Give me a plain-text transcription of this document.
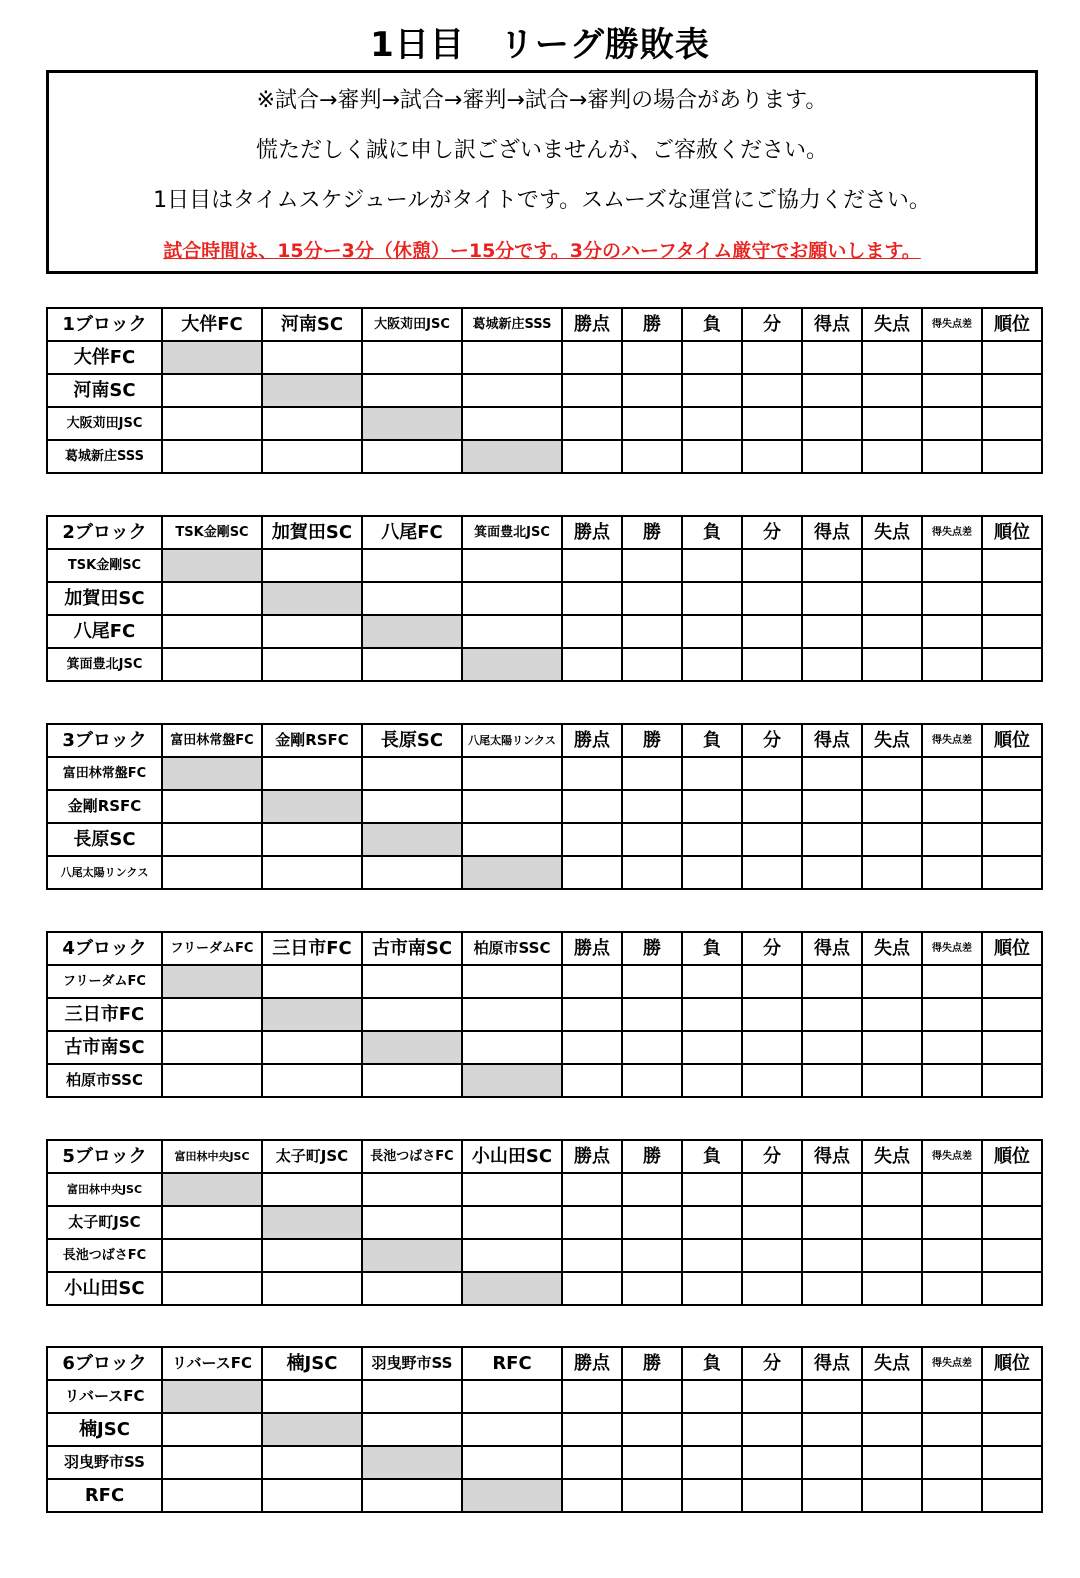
1日目　リーグ勝敗表
※試合→審判→試合→審判→試合→審判の場合があります。
慌ただしく誠に申し訳ございませんが、ご容赦ください。
1日目はタイムスケジュールがタイトです。スムーズな運営にご協力ください。
試合時間は、15分ー3分（休憩）ー15分です。3分のハーフタイム厳守でお願いします。
1ブロック	大伴FC	河南SC	大阪苅田JSC	葛城新庄SSS	勝点	勝	負	分	得点	失点	得失点差	順位
大伴FC												
河南SC												
大阪苅田JSC												
葛城新庄SSS												
2ブロック	TSK金剛SC	加賀田SC	八尾FC	箕面豊北JSC	勝点	勝	負	分	得点	失点	得失点差	順位
TSK金剛SC												
加賀田SC												
八尾FC												
箕面豊北JSC												
3ブロック	富田林常盤FC	金剛RSFC	長原SC	八尾太陽リンクス	勝点	勝	負	分	得点	失点	得失点差	順位
富田林常盤FC												
金剛RSFC												
長原SC												
八尾太陽リンクス												
4ブロック	フリーダムFC	三日市FC	古市南SC	柏原市SSC	勝点	勝	負	分	得点	失点	得失点差	順位
フリーダムFC												
三日市FC												
古市南SC												
柏原市SSC												
5ブロック	富田林中央JSC	太子町JSC	長池つばさFC	小山田SC	勝点	勝	負	分	得点	失点	得失点差	順位
富田林中央JSC												
太子町JSC												
長池つばさFC												
小山田SC												
6ブロック	リバースFC	楠JSC	羽曳野市SS	RFC	勝点	勝	負	分	得点	失点	得失点差	順位
リバースFC												
楠JSC												
羽曳野市SS												
RFC												
